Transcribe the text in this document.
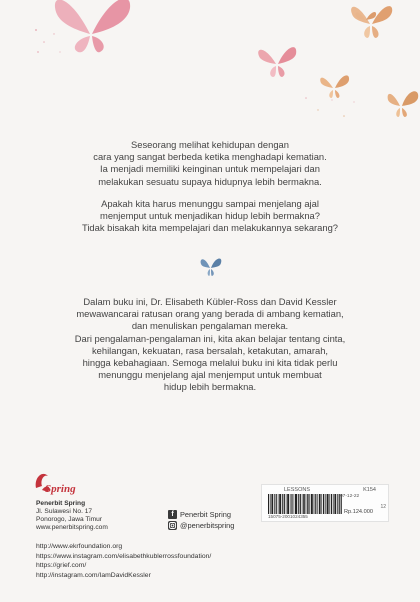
Seseorang melihat kehidupan dengan
cara yang sangat berbeda ketika menghadapi kematian.
Ia menjadi memiliki keinginan untuk mempelajari dan
melakukan sesuatu supaya hidupnya lebih bermakna.
Apakah kita harus menunggu sampai menjelang ajal
menjemput untuk menjadikan hidup lebih bermakna?
Tidak bisakah kita mempelajari dan melakukannya sekarang?
Dalam buku ini, Dr. Elisabeth Kübler-Ross dan David Kessler
mewawancarai ratusan orang yang berada di ambang kematian,
dan menuliskan pengalaman mereka.
Dari pengalaman-pengalaman ini, kita akan belajar tentang cinta,
kehilangan, kekuatan, rasa bersalah, ketakutan, amarah,
hingga kebahagiaan. Semoga melalui buku ini kita tidak perlu
menunggu menjelang ajal menjemput untuk membuat
hidup lebih bermakna.
Spring
Penerbit Spring
Jl. Sulawesi No. 17
Ponorogo, Jawa Timur
www.penerbitspring.com
f Penerbit Spring
@penerbitspring
LESSONS	K154
07-12-22
12
15075-2001024355
Rp.124.000
http://www.ekrfoundation.org
https://www.instagram.com/elisabethkublerrossfoundation/
https://grief.com/
http://instagram.com/IamDavidKessler
